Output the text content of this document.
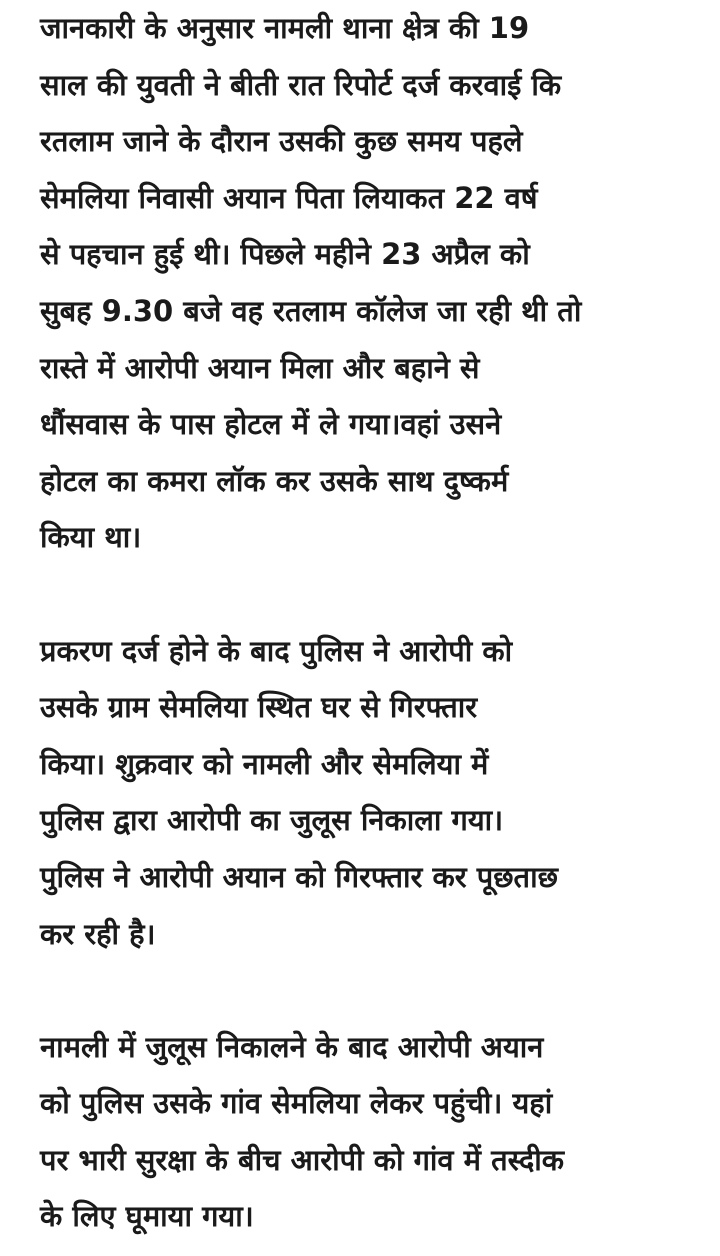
जानकारी के अनुसार नामली थाना क्षेत्र की 19
साल की युवती ने बीती रात रिपोर्ट दर्ज करवाई कि
रतलाम जाने के दौरान उसकी कुछ समय पहले
सेमलिया निवासी अयान पिता लियाकत 22 वर्ष
से पहचान हुई थी। पिछले महीने 23 अप्रैल को
सुबह 9.30 बजे वह रतलाम कॉलेज जा रही थी तो
रास्ते में आरोपी अयान मिला और बहाने से
धौंसवास के पास होटल में ले गया।वहां उसने
होटल का कमरा लॉक कर उसके साथ दुष्कर्म
किया था।
प्रकरण दर्ज होने के बाद पुलिस ने आरोपी को
उसके ग्राम सेमलिया स्थित घर से गिरफ्तार
किया। शुक्रवार को नामली और सेमलिया में
पुलिस द्वारा आरोपी का जुलूस निकाला गया।
पुलिस ने आरोपी अयान को गिरफ्तार कर पूछताछ
कर रही है।
नामली में जुलूस निकालने के बाद आरोपी अयान
को पुलिस उसके गांव सेमलिया लेकर पहुंची। यहां
पर भारी सुरक्षा के बीच आरोपी को गांव में तस्दीक
के लिए घूमाया गया।
